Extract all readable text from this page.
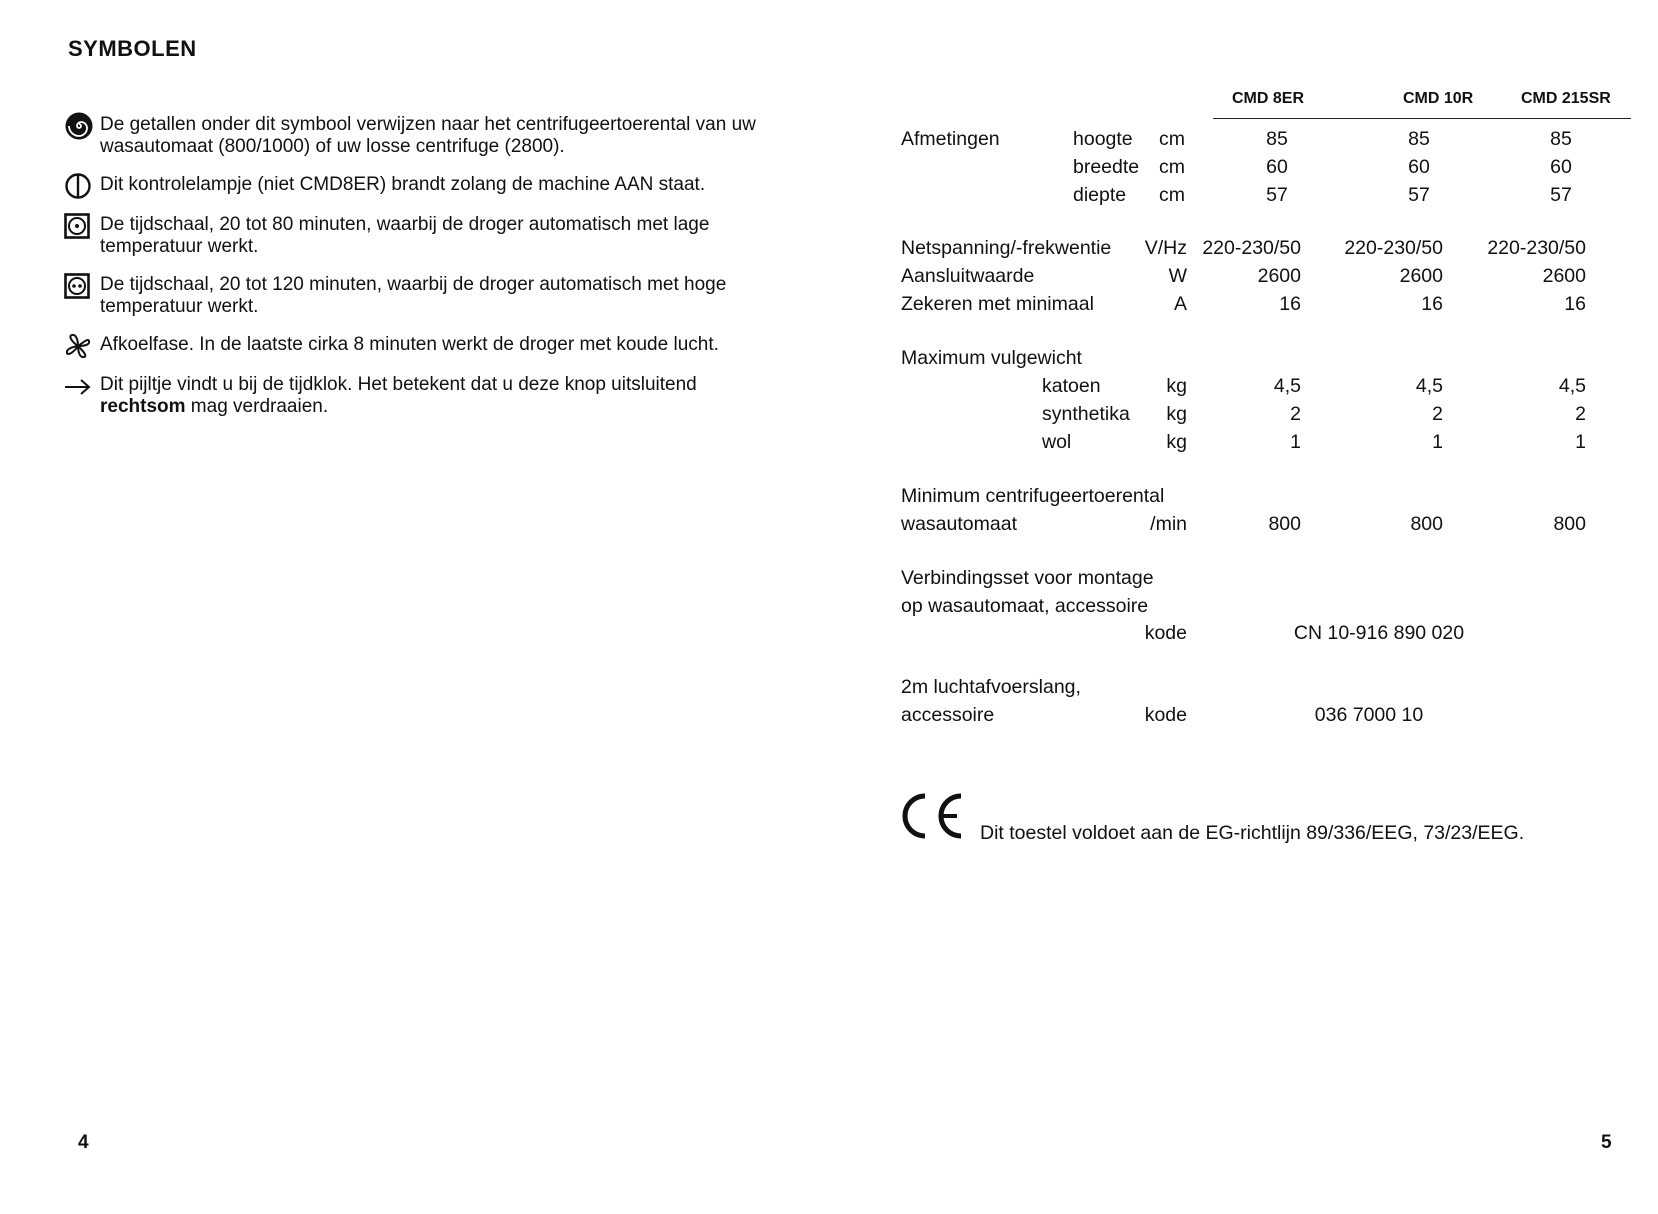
SYMBOLEN
De getallen onder dit symbool verwijzen naar het centrifugeertoerental van uw wasautomaat (800/1000) of uw losse centrifuge (2800).
Dit kontrolelampje (niet CMD8ER) brandt zolang de machine AAN staat.
De tijdschaal, 20 tot 80 minuten, waarbij de droger automatisch met lage temperatuur werkt.
De tijdschaal, 20 tot 120 minuten, waarbij de droger automatisch met hoge temperatuur werkt.
Afkoelfase. In de laatste cirka 8 minuten werkt de droger met koude lucht.
Dit pijltje vindt u bij de tijdklok. Het betekent dat u deze knop uitsluitend rechtsom mag verdraaien.
4
CMD 8ER	CMD 10R	CMD 215SR
Afmetingen	hoogte cm	85	85	85
breedte cm	60	60	60
diepte cm	57	57	57
Netspanning/-frekwentie	V/Hz 220-230/50	220-230/50	220-230/50
Aansluitwaarde	W	2600	2600	2600
Zekeren met minimaal	A	16	16	16
Maximum vulgewicht
katoen	kg	4,5	4,5	4,5
synthetika	kg	2	2	2
wol	kg	1	1	1
Minimum centrifugeertoerental
wasautomaat	/min	800	800	800
Verbindingsset voor montage
op wasautomaat, accessoire
kode	CN 10-916 890 020
2m luchtafvoerslang,
accessoire	kode	036 7000 10
Dit toestel voldoet aan de EG-richtlijn 89/336/EEG, 73/23/EEG.
5
